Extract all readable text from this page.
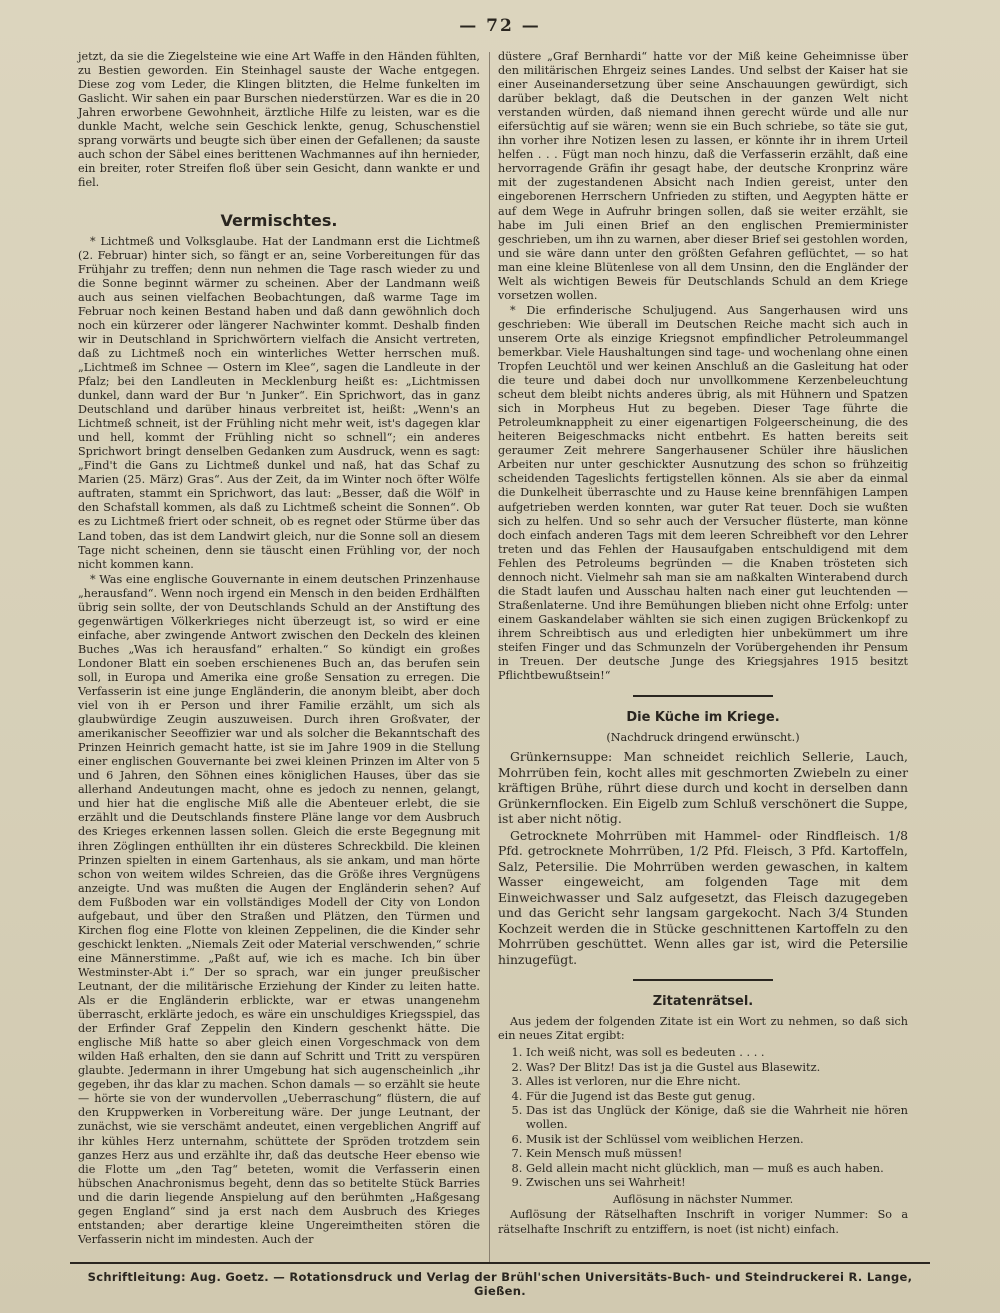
— 72 —

jetzt, da sie die Ziegelsteine wie eine Art Waffe in den Händen fühlten, zu Bestien geworden. Ein Steinhagel sauste der Wache entgegen. Diese zog vom Leder, die Klingen blitzten, die Helme funkelten im Gaslicht. Wir sahen ein paar Burschen niederstürzen. War es die in 20 Jahren erworbene Gewohnheit, ärztliche Hilfe zu leisten, war es die dunkle Macht, welche sein Geschick lenkte, genug, Schuschenstiel sprang vorwärts und beugte sich über einen der Gefallenen; da sauste auch schon der Säbel eines berittenen Wachmannes auf ihn hernieder, ein breiter, roter Streifen floß über sein Gesicht, dann wankte er und fiel.

Vermischtes.

* Lichtmeß und Volksglaube. Hat der Landmann erst die Lichtmeß (2. Februar) hinter sich, so fängt er an, seine Vorbereitungen für das Frühjahr zu treffen; denn nun nehmen die Tage rasch wieder zu und die Sonne beginnt wärmer zu scheinen. Aber der Landmann weiß auch aus seinen vielfachen Beobachtungen, daß warme Tage im Februar noch keinen Bestand haben und daß dann gewöhnlich doch noch ein kürzerer oder längerer Nachwinter kommt. Deshalb finden wir in Deutschland in Sprichwörtern vielfach die Ansicht vertreten, daß zu Lichtmeß noch ein winterliches Wetter herrschen muß. „Lichtmeß im Schnee — Ostern im Klee“, sagen die Landleute in der Pfalz; bei den Landleuten in Mecklenburg heißt es: „Lichtmissen dunkel, dann ward der Bur 'n Junker“. Ein Sprichwort, das in ganz Deutschland und darüber hinaus verbreitet ist, heißt: „Wenn's an Lichtmeß schneit, ist der Frühling nicht mehr weit, ist's dagegen klar und hell, kommt der Frühling nicht so schnell“; ein anderes Sprichwort bringt denselben Gedanken zum Ausdruck, wenn es sagt: „Find't die Gans zu Lichtmeß dunkel und naß, hat das Schaf zu Marien (25. März) Gras“. Aus der Zeit, da im Winter noch öfter Wölfe auftraten, stammt ein Sprichwort, das laut: „Besser, daß die Wölf' in den Schafstall kommen, als daß zu Lichtmeß scheint die Sonnen“. Ob es zu Lichtmeß friert oder schneit, ob es regnet oder Stürme über das Land toben, das ist dem Landwirt gleich, nur die Sonne soll an diesem Tage nicht scheinen, denn sie täuscht einen Frühling vor, der noch nicht kommen kann.

* Was eine englische Gouvernante in einem deutschen Prinzenhause „herausfand“. Wenn noch irgend ein Mensch in den beiden Erdhälften übrig sein sollte, der von Deutschlands Schuld an der Anstiftung des gegenwärtigen Völkerkrieges nicht überzeugt ist, so wird er eine einfache, aber zwingende Antwort zwischen den Deckeln des kleinen Buches „Was ich herausfand“ erhalten.“ So kündigt ein großes Londoner Blatt ein soeben erschienenes Buch an, das berufen sein soll, in Europa und Amerika eine große Sensation zu erregen. Die Verfasserin ist eine junge Engländerin, die anonym bleibt, aber doch viel von ih er Person und ihrer Familie erzählt, um sich als glaubwürdige Zeugin auszuweisen. Durch ihren Großvater, der amerikanischer Seeoffizier war und als solcher die Bekanntschaft des Prinzen Heinrich gemacht hatte, ist sie im Jahre 1909 in die Stellung einer englischen Gouvernante bei zwei kleinen Prinzen im Alter von 5 und 6 Jahren, den Söhnen eines königlichen Hauses, über das sie allerhand Andeutungen macht, ohne es jedoch zu nennen, gelangt, und hier hat die englische Miß alle die Abenteuer erlebt, die sie erzählt und die Deutschlands finstere Pläne lange vor dem Ausbruch des Krieges erkennen lassen sollen. Gleich die erste Begegnung mit ihren Zöglingen enthüllten ihr ein düsteres Schreckbild. Die kleinen Prinzen spielten in einem Gartenhaus, als sie ankam, und man hörte schon von weitem wildes Schreien, das die Größe ihres Vergnügens anzeigte. Und was mußten die Augen der Engländerin sehen? Auf dem Fußboden war ein vollständiges Modell der City von London aufgebaut, und über den Straßen und Plätzen, den Türmen und Kirchen flog eine Flotte von kleinen Zeppelinen, die die Kinder sehr geschickt lenkten. „Niemals Zeit oder Material verschwenden,“ schrie eine Männerstimme. „Paßt auf, wie ich es mache. Ich bin über Westminster-Abt i.“ Der so sprach, war ein junger preußischer Leutnant, der die militärische Erziehung der Kinder zu leiten hatte. Als er die Engländerin erblickte, war er etwas unangenehm überrascht, erklärte jedoch, es wäre ein unschuldiges Kriegsspiel, das der Erfinder Graf Zeppelin den Kindern geschenkt hätte. Die englische Miß hatte so aber gleich einen Vorgeschmack von dem wilden Haß erhalten, den sie dann auf Schritt und Tritt zu verspüren glaubte. Jedermann in ihrer Umgebung hat sich augenscheinlich „ihr gegeben, ihr das klar zu machen. Schon damals — so erzählt sie heute — hörte sie von der wundervollen „Ueberraschung“ flüstern, die auf den Kruppwerken in Vorbereitung wäre. Der junge Leutnant, der zunächst, wie sie verschämt andeutet, einen vergeblichen Angriff auf ihr kühles Herz unternahm, schüttete der Spröden trotzdem sein ganzes Herz aus und erzählte ihr, daß das deutsche Heer ebenso wie die Flotte um „den Tag“ beteten, womit die Verfasserin einen hübschen Anachronismus begeht, denn das so betitelte Stück Barries und die darin liegende Anspielung auf den berühmten „Haßgesang gegen England“ sind ja erst nach dem Ausbruch des Krieges entstanden; aber derartige kleine Ungereimtheiten stören die Verfasserin nicht im mindesten. Auch der

düstere „Graf Bernhardi“ hatte vor der Miß keine Geheimnisse über den militärischen Ehrgeiz seines Landes. Und selbst der Kaiser hat sie einer Auseinandersetzung über seine Anschauungen gewürdigt, sich darüber beklagt, daß die Deutschen in der ganzen Welt nicht verstanden würden, daß niemand ihnen gerecht würde und alle nur eifersüchtig auf sie wären; wenn sie ein Buch schriebe, so täte sie gut, ihn vorher ihre Notizen lesen zu lassen, er könnte ihr in ihrem Urteil helfen . . . Fügt man noch hinzu, daß die Verfasserin erzählt, daß eine hervorragende Gräfin ihr gesagt habe, der deutsche Kronprinz wäre mit der zugestandenen Absicht nach Indien gereist, unter den eingeborenen Herrschern Unfrieden zu stiften, und Aegypten hätte er auf dem Wege in Aufruhr bringen sollen, daß sie weiter erzählt, sie habe im Juli einen Brief an den englischen Premierminister geschrieben, um ihn zu warnen, aber dieser Brief sei gestohlen worden, und sie wäre dann unter den größten Gefahren geflüchtet, — so hat man eine kleine Blütenlese von all dem Unsinn, den die Engländer der Welt als wichtigen Beweis für Deutschlands Schuld an dem Kriege vorsetzen wollen.

* Die erfinderische Schuljugend. Aus Sangerhausen wird uns geschrieben: Wie überall im Deutschen Reiche macht sich auch in unserem Orte als einzige Kriegsnot empfindlicher Petroleummangel bemerkbar. Viele Haushaltungen sind tage- und wochenlang ohne einen Tropfen Leuchtöl und wer keinen Anschluß an die Gasleitung hat oder die teure und dabei doch nur unvollkommene Kerzenbeleuchtung scheut dem bleibt nichts anderes übrig, als mit Hühnern und Spatzen sich in Morpheus Hut zu begeben. Dieser Tage führte die Petroleumknappheit zu einer eigenartigen Folgeerscheinung, die des heiteren Beigeschmacks nicht entbehrt. Es hatten bereits seit geraumer Zeit mehrere Sangerhausener Schüler ihre häuslichen Arbeiten nur unter geschickter Ausnutzung des schon so frühzeitig scheidenden Tageslichts fertigstellen können. Als sie aber da einmal die Dunkelheit überraschte und zu Hause keine brennfähigen Lampen aufgetrieben werden konnten, war guter Rat teuer. Doch sie wußten sich zu helfen. Und so sehr auch der Versucher flüsterte, man könne doch einfach anderen Tags mit dem leeren Schreibheft vor den Lehrer treten und das Fehlen der Hausaufgaben entschuldigend mit dem Fehlen des Petroleums begründen — die Knaben trösteten sich dennoch nicht. Vielmehr sah man sie am naßkalten Winterabend durch die Stadt laufen und Ausschau halten nach einer gut leuchtenden — Straßenlaterne. Und ihre Bemühungen blieben nicht ohne Erfolg: unter einem Gaskandelaber wählten sie sich einen zugigen Brückenkopf zu ihrem Schreibtisch aus und erledigten hier unbekümmert um ihre steifen Finger und das Schmunzeln der Vorübergehenden ihr Pensum in Treuen. Der deutsche Junge des Kriegsjahres 1915 besitzt Pflichtbewußtsein!“

Die Küche im Kriege.
(Nachdruck dringend erwünscht.)

Grünkernsuppe: Man schneidet reichlich Sellerie, Lauch, Mohrrüben fein, kocht alles mit geschmorten Zwiebeln zu einer kräftigen Brühe, rührt diese durch und kocht in derselben dann Grünkernflocken. Ein Eigelb zum Schluß verschönert die Suppe, ist aber nicht nötig.

Getrocknete Mohrrüben mit Hammel- oder Rindfleisch. 1/8 Pfd. getrocknete Mohrrüben, 1/2 Pfd. Fleisch, 3 Pfd. Kartoffeln, Salz, Petersilie. Die Mohrrüben werden gewaschen, in kaltem Wasser eingeweicht, am folgenden Tage mit dem Einweichwasser und Salz aufgesetzt, das Fleisch dazugegeben und das Gericht sehr langsam gargekocht. Nach 3/4 Stunden Kochzeit werden die in Stücke geschnittenen Kartoffeln zu den Mohrrüben geschüttet. Wenn alles gar ist, wird die Petersilie hinzugefügt.

Zitatenrätsel.

Aus jedem der folgenden Zitate ist ein Wort zu nehmen, so daß sich ein neues Zitat ergibt:

1. Ich weiß nicht, was soll es bedeuten . . . .
2. Was? Der Blitz! Das ist ja die Gustel aus Blasewitz.
3. Alles ist verloren, nur die Ehre nicht.
4. Für die Jugend ist das Beste gut genug.
5. Das ist das Unglück der Könige, daß sie die Wahrheit nie hören wollen.
6. Musik ist der Schlüssel vom weiblichen Herzen.
7. Kein Mensch muß müssen!
8. Geld allein macht nicht glücklich, man — muß es auch haben.
9. Zwischen uns sei Wahrheit!

Auflösung in nächster Nummer.

Auflösung der Rätselhaften Inschrift in voriger Nummer: So a rätselhafte Inschrift zu entziffern, is noet (ist nicht) einfach.

Schriftleitung: Aug. Goetz. — Rotationsdruck und Verlag der Brühl'schen Universitäts-Buch- und Steindruckerei R. Lange, Gießen.
